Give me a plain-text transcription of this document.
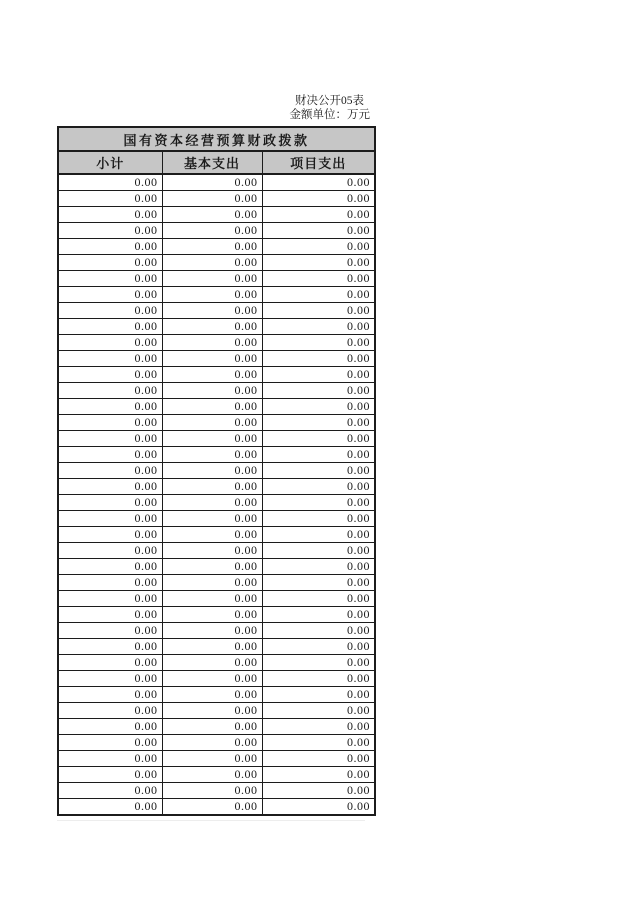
财决公开05表
金额单位：万元
国有资本经营预算财政拨款		
小计	基本支出	项目支出
0.00	0.00	0.00
0.00	0.00	0.00
0.00	0.00	0.00
0.00	0.00	0.00
0.00	0.00	0.00
0.00	0.00	0.00
0.00	0.00	0.00
0.00	0.00	0.00
0.00	0.00	0.00
0.00	0.00	0.00
0.00	0.00	0.00
0.00	0.00	0.00
0.00	0.00	0.00
0.00	0.00	0.00
0.00	0.00	0.00
0.00	0.00	0.00
0.00	0.00	0.00
0.00	0.00	0.00
0.00	0.00	0.00
0.00	0.00	0.00
0.00	0.00	0.00
0.00	0.00	0.00
0.00	0.00	0.00
0.00	0.00	0.00
0.00	0.00	0.00
0.00	0.00	0.00
0.00	0.00	0.00
0.00	0.00	0.00
0.00	0.00	0.00
0.00	0.00	0.00
0.00	0.00	0.00
0.00	0.00	0.00
0.00	0.00	0.00
0.00	0.00	0.00
0.00	0.00	0.00
0.00	0.00	0.00
0.00	0.00	0.00
0.00	0.00	0.00
0.00	0.00	0.00
0.00	0.00	0.00
